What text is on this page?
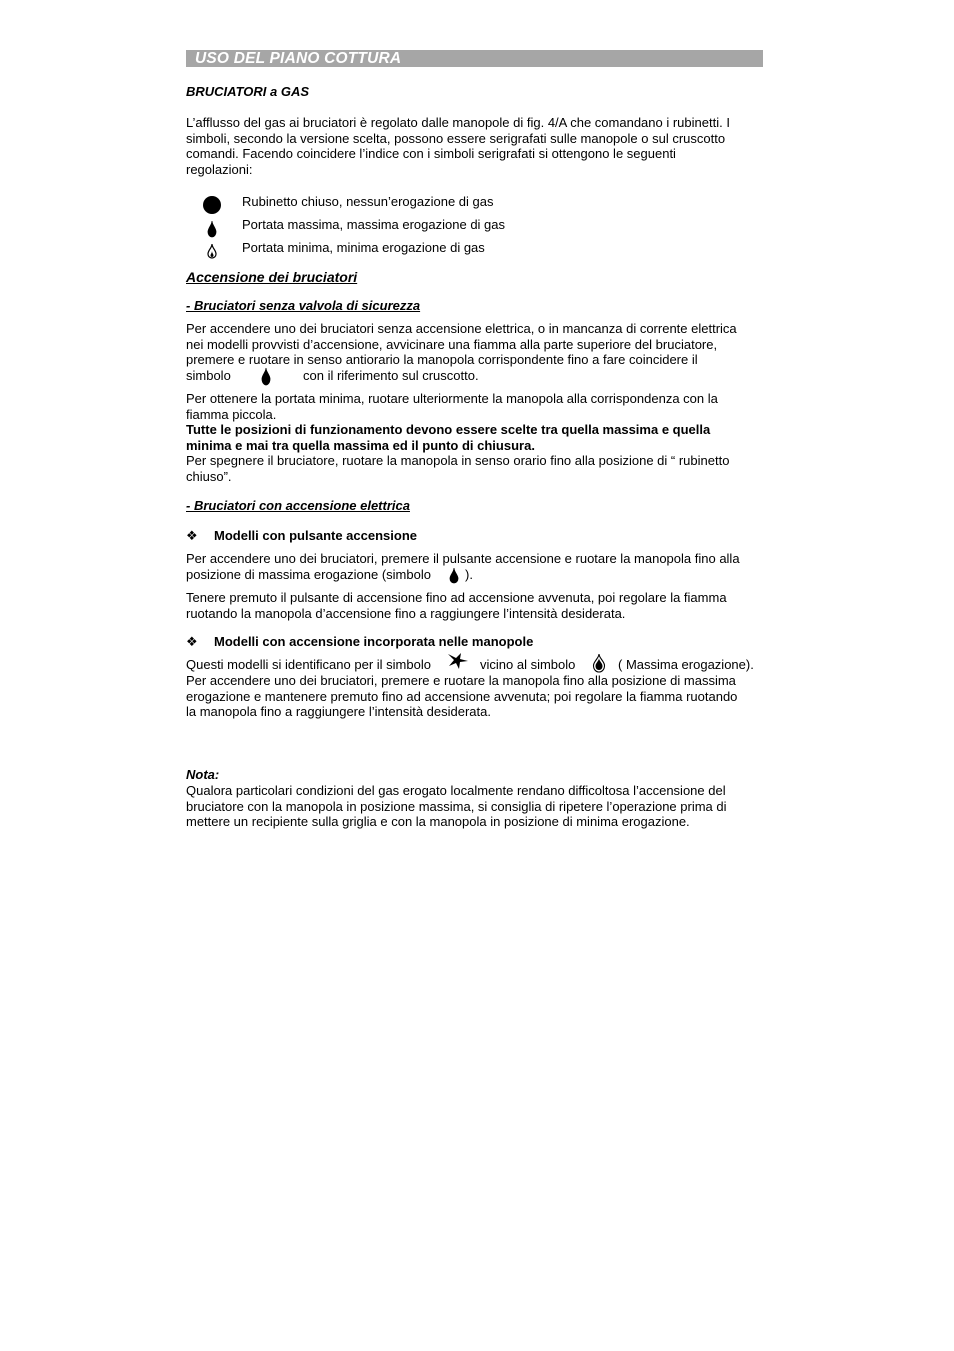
USO DEL PIANO COTTURA
BRUCIATORI a GAS
L’afflusso del gas ai bruciatori è regolato dalle manopole di fig. 4/A che comandano i rubinetti. I
simboli, secondo la versione scelta, possono essere serigrafati sulle manopole o sul cruscotto
comandi. Facendo coincidere l’indice con i simboli serigrafati si ottengono le seguenti
regolazioni:
Rubinetto chiuso, nessun’erogazione di gas
Portata massima, massima erogazione di gas
Portata minima, minima erogazione di gas
Accensione dei bruciatori
- Bruciatori senza valvola di sicurezza
Per accendere uno dei bruciatori senza accensione elettrica, o in mancanza di corrente elettrica
nei modelli provvisti d’accensione, avvicinare una fiamma alla parte superiore del bruciatore,
premere e ruotare in senso antiorario la manopola corrispondente fino a fare coincidere il
simbolo	con il riferimento sul cruscotto.
Per ottenere la portata minima, ruotare ulteriormente la manopola alla corrispondenza con la
fiamma piccola.
Tutte le posizioni di funzionamento devono essere scelte tra quella massima e quella
minima e mai tra quella massima ed il punto di chiusura.
Per spegnere il bruciatore, ruotare la manopola in senso orario fino alla posizione di “ rubinetto
chiuso”.
- Bruciatori con accensione elettrica
❖ Modelli con pulsante accensione
Per accendere uno dei bruciatori, premere il pulsante accensione e ruotare la manopola fino alla
posizione di massima erogazione (simbolo	).
Tenere premuto il pulsante di accensione fino ad accensione avvenuta, poi regolare la fiamma
ruotando la manopola d’accensione fino a raggiungere l’intensità desiderata.
❖ Modelli con accensione incorporata nelle manopole
Questi modelli si identificano per il simbolo	vicino al simbolo	( Massima erogazione).
Per accendere uno dei bruciatori, premere e ruotare la manopola fino alla posizione di massima
erogazione e mantenere premuto fino ad accensione avvenuta; poi regolare la fiamma ruotando
la manopola fino a raggiungere l’intensità desiderata.
Nota:
Qualora particolari condizioni del gas erogato localmente rendano difficoltosa l’accensione del
bruciatore con la manopola in posizione massima, si consiglia di ripetere l’operazione prima di
mettere un recipiente sulla griglia e con la manopola in posizione di minima erogazione.
